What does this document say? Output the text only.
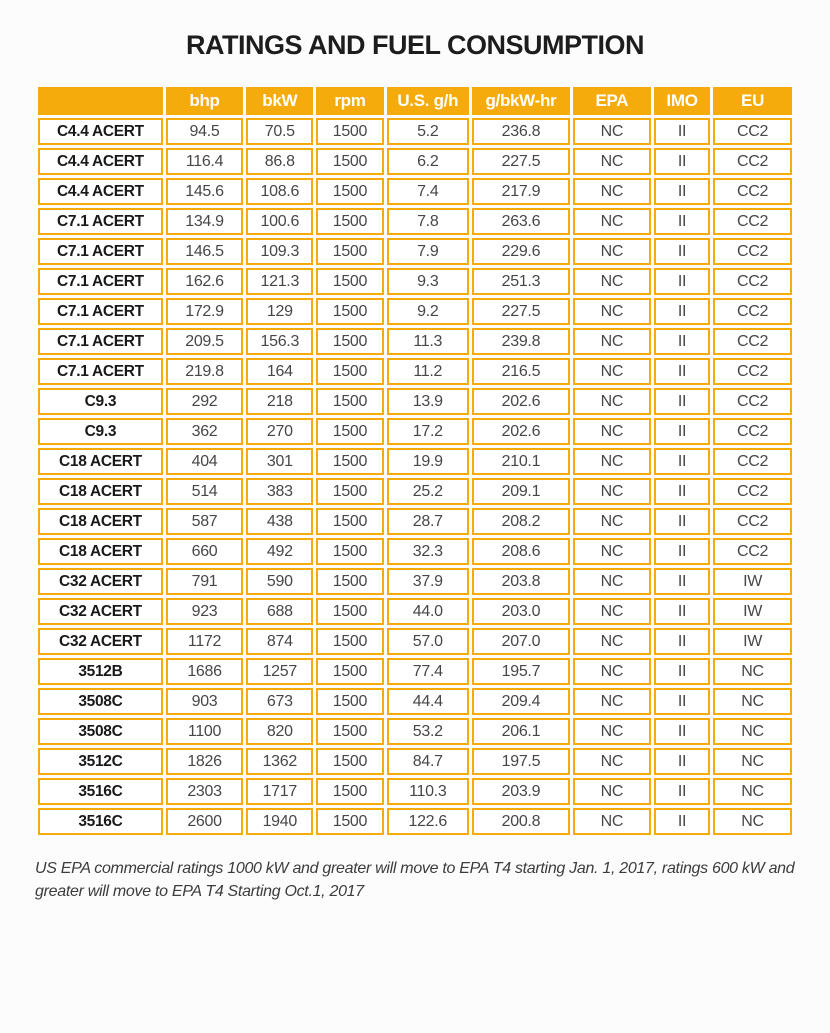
RATINGS AND FUEL CONSUMPTION
	bhp	bkW	rpm	U.S. g/h	g/bkW-hr	EPA	IMO	EU
C4.4 ACERT	94.5	70.5	1500	5.2	236.8	NC	II	CC2
C4.4 ACERT	116.4	86.8	1500	6.2	227.5	NC	II	CC2
C4.4 ACERT	145.6	108.6	1500	7.4	217.9	NC	II	CC2
C7.1 ACERT	134.9	100.6	1500	7.8	263.6	NC	II	CC2
C7.1 ACERT	146.5	109.3	1500	7.9	229.6	NC	II	CC2
C7.1 ACERT	162.6	121.3	1500	9.3	251.3	NC	II	CC2
C7.1 ACERT	172.9	129	1500	9.2	227.5	NC	II	CC2
C7.1 ACERT	209.5	156.3	1500	11.3	239.8	NC	II	CC2
C7.1 ACERT	219.8	164	1500	11.2	216.5	NC	II	CC2
C9.3	292	218	1500	13.9	202.6	NC	II	CC2
C9.3	362	270	1500	17.2	202.6	NC	II	CC2
C18 ACERT	404	301	1500	19.9	210.1	NC	II	CC2
C18 ACERT	514	383	1500	25.2	209.1	NC	II	CC2
C18 ACERT	587	438	1500	28.7	208.2	NC	II	CC2
C18 ACERT	660	492	1500	32.3	208.6	NC	II	CC2
C32 ACERT	791	590	1500	37.9	203.8	NC	II	IW
C32 ACERT	923	688	1500	44.0	203.0	NC	II	IW
C32 ACERT	1172	874	1500	57.0	207.0	NC	II	IW
3512B	1686	1257	1500	77.4	195.7	NC	II	NC
3508C	903	673	1500	44.4	209.4	NC	II	NC
3508C	1100	820	1500	53.2	206.1	NC	II	NC
3512C	1826	1362	1500	84.7	197.5	NC	II	NC
3516C	2303	1717	1500	110.3	203.9	NC	II	NC
3516C	2600	1940	1500	122.6	200.8	NC	II	NC
US EPA commercial ratings 1000 kW and greater will move to EPA T4 starting Jan. 1, 2017, ratings 600 kW and greater will move to EPA T4 Starting Oct.1, 2017
